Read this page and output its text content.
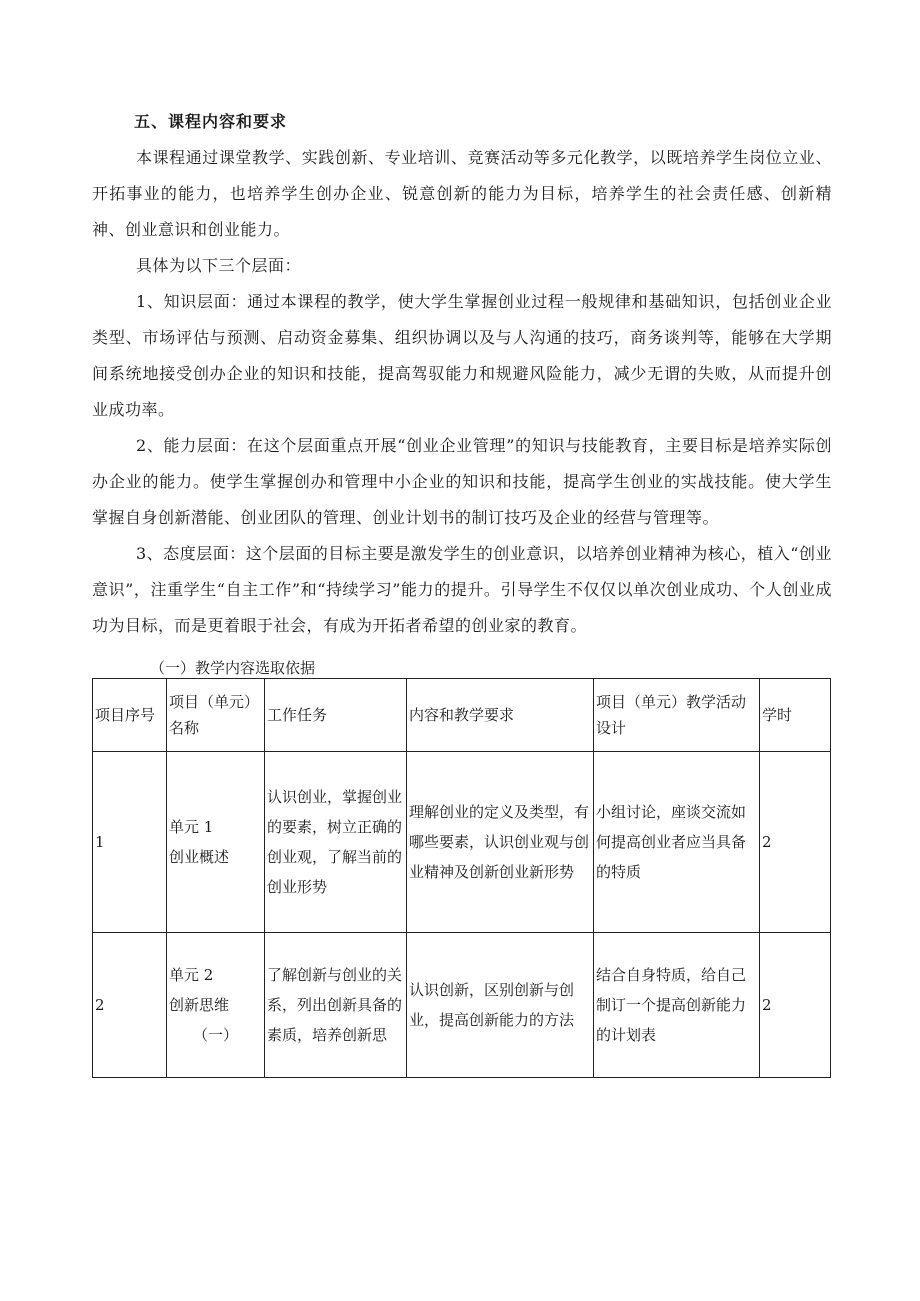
五、课程内容和要求

本课程通过课堂教学、实践创新、专业培训、竞赛活动等多元化教学，以既培养学生岗位立业、开拓事业的能力，也培养学生创办企业、锐意创新的能力为目标，培养学生的社会责任感、创新精神、创业意识和创业能力。

具体为以下三个层面：

1、知识层面：通过本课程的教学，使大学生掌握创业过程一般规律和基础知识，包括创业企业类型、市场评估与预测、启动资金募集、组织协调以及与人沟通的技巧，商务谈判等，能够在大学期间系统地接受创办企业的知识和技能，提高驾驭能力和规避风险能力，减少无谓的失败，从而提升创业成功率。

2、能力层面：在这个层面重点开展“创业企业管理”的知识与技能教育，主要目标是培养实际创办企业的能力。使学生掌握创办和管理中小企业的知识和技能，提高学生创业的实战技能。使大学生掌握自身创新潜能、创业团队的管理、创业计划书的制订技巧及企业的经营与管理等。

3、态度层面：这个层面的目标主要是激发学生的创业意识，以培养创业精神为核心，植入“创业意识”，注重学生“自主工作”和“持续学习”能力的提升。引导学生不仅仅以单次创业成功、个人创业成功为目标，而是更着眼于社会，有成为开拓者希望的创业家的教育。

（一）教学内容选取依据
项目序号	项目（单元）名称	工作任务	内容和教学要求	项目（单元）教学活动设计	学时
1	单元 1
创业概述	认识创业，掌握创业的要素，树立正确的创业观，了解当前的创业形势	理解创业的定义及类型，有哪些要素，认识创业观与创业精神及创新创业新形势	小组讨论，座谈交流如何提高创业者应当具备的特质	2
2	单元 2
创新思维
（一）	了解创新与创业的关系，列出创新具备的素质，培养创新思	认识创新，区别创新与创业，提高创新能力的方法	结合自身特质，给自己制订一个提高创新能力的计划表	2
